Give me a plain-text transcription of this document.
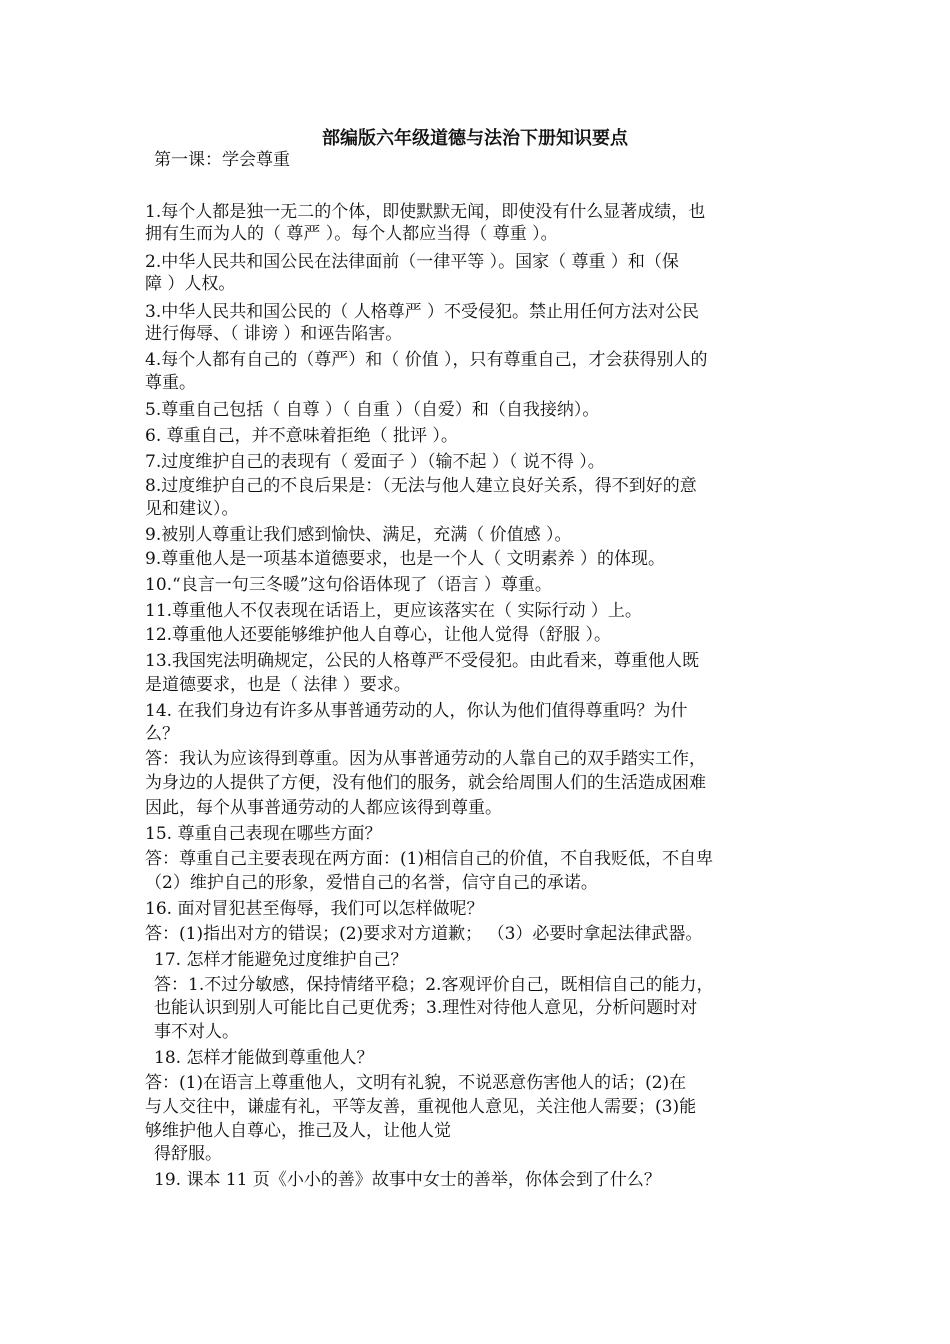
部编版六年级道德与法治下册知识要点
第一课：学会尊重
1.每个人都是独一无二的个体，即使默默无闻，即使没有什么显著成绩，也
拥有生而为人的（ 尊严 ）。每个人都应当得（ 尊重 ）。
2.中华人民共和国公民在法律面前（一律平等 ）。国家（ 尊重 ）和（保
障 ）人权。
3.中华人民共和国公民的（ 人格尊严 ）不受侵犯。禁止用任何方法对公民
进行侮辱、（ 诽谤 ）和诬告陷害。
4.每个人都有自己的（尊严）和（ 价值 ），只有尊重自己，才会获得别人的
尊重。
5.尊重自己包括（ 自尊 ）（ 自重 ）（自爱）和（自我接纳）。
6. 尊重自己，并不意味着拒绝（ 批评 ）。
7.过度维护自己的表现有（ 爱面子 ）（输不起 ）（ 说不得 ）。
8.过度维护自己的不良后果是：（无法与他人建立良好关系，得不到好的意
见和建议）。
9.被别人尊重让我们感到愉快、满足，充满（ 价值感 ）。
9.尊重他人是一项基本道德要求，也是一个人（ 文明素养 ）的体现。
10.“良言一句三冬暖”这句俗语体现了（语言 ）尊重。
11.尊重他人不仅表现在话语上，更应该落实在（ 实际行动 ）上。
12.尊重他人还要能够维护他人自尊心，让他人觉得（舒服 ）。
13.我国宪法明确规定，公民的人格尊严不受侵犯。由此看来，尊重他人既
是道德要求，也是（ 法律 ）要求。
14. 在我们身边有许多从事普通劳动的人，你认为他们值得尊重吗？为什
么？
答：我认为应该得到尊重。因为从事普通劳动的人靠自己的双手踏实工作，
为身边的人提供了方便，没有他们的服务，就会给周围人们的生活造成困难
因此，每个从事普通劳动的人都应该得到尊重。
15. 尊重自己表现在哪些方面？
答：尊重自己主要表现在两方面：(1)相信自己的价值，不自我贬低，不自卑
（2）维护自己的形象，爱惜自己的名誉，信守自己的承诺。
16. 面对冒犯甚至侮辱，我们可以怎样做呢？
答：(1)指出对方的错误；(2)要求对方道歉； （3）必要时拿起法律武器。
17. 怎样才能避免过度维护自己？
答：1.不过分敏感，保持情绪平稳；2.客观评价自己，既相信自己的能力，
也能认识到别人可能比自己更优秀；3.理性对待他人意见，分析问题时对
事不对人。
18. 怎样才能做到尊重他人？
答：(1)在语言上尊重他人，文明有礼貌，不说恶意伤害他人的话；(2)在
与人交往中，谦虚有礼，平等友善，重视他人意见，关注他人需要；(3)能
够维护他人自尊心，推己及人，让他人觉
得舒服。
19. 课本 11 页《小小的善》故事中女士的善举，你体会到了什么？
